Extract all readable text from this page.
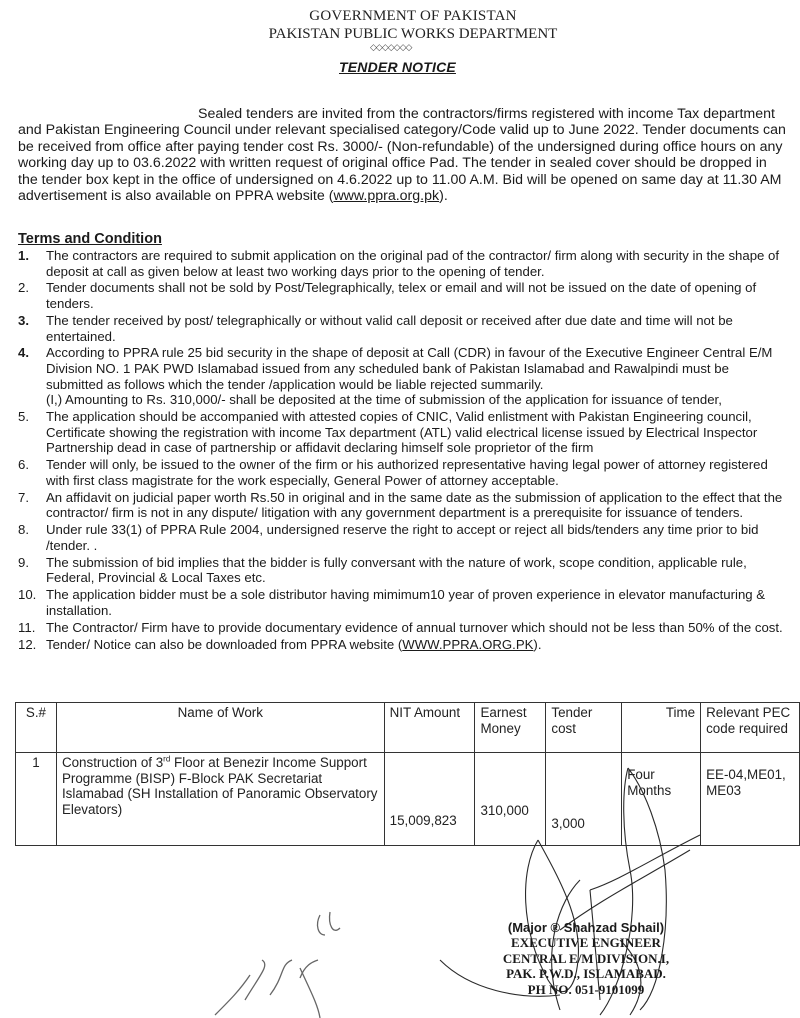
GOVERNMENT OF PAKISTAN
PAKISTAN PUBLIC WORKS DEPARTMENT
◇◇◇◇◇◇◇
TENDER NOTICE
Sealed tenders are invited from the contractors/firms registered with income Tax department and Pakistan Engineering Council under relevant specialised category/Code valid up to June 2022. Tender documents can be received from office after paying tender cost Rs. 3000/- (Non-refundable) of the undersigned during office hours on any working day up to 03.6.2022 with written request of original office Pad. The tender in sealed cover should be dropped in the tender box kept in the office of undersigned on 4.6.2022 up to 11.00 A.M. Bid will be opened on same day at 11.30 AM advertisement is also available on PPRA website (www.ppra.org.pk).
Terms and Condition
1.	The contractors are required to submit application on the original pad of the contractor/ firm along with security in the shape of deposit at call as given below at least two working days prior to the opening of tender.
2.	Tender documents shall not be sold by Post/Telegraphically, telex or email and will not be issued on the date of opening of tenders.
3.	The tender received by post/ telegraphically or without valid call deposit or received after due date and time will not be entertained.
4.	According to PPRA rule 25 bid security in the shape of deposit at Call (CDR) in favour of the Executive Engineer Central E/M Division NO. 1 PAK PWD Islamabad issued from any scheduled bank of Pakistan Islamabad and Rawalpindi must be submitted as follows which the tender /application would be liable rejected summarily.
(I,) Amounting to Rs. 310,000/- shall be deposited at the time of submission of the application for issuance of tender,
5.	The application should be accompanied with attested copies of CNIC, Valid enlistment with Pakistan Engineering council, Certificate showing the registration with income Tax department (ATL) valid electrical license issued by Electrical Inspector Partnership dead in case of partnership or affidavit declaring himself sole proprietor of the firm
6.	Tender will only, be issued to the owner of the firm or his authorized representative having legal power of attorney registered with first class magistrate for the work especially, General Power of attorney acceptable.
7.	An affidavit on judicial paper worth Rs.50 in original and in the same date as the submission of application to the effect that the contractor/ firm is not in any dispute/ litigation with any government department is a prerequisite for issuance of tenders.
8.	Under rule 33(1) of PPRA Rule 2004, undersigned reserve the right to accept or reject all bids/tenders any time prior to bid /tender. .
9.	The submission of bid implies that the bidder is fully conversant with the nature of work, scope condition, applicable rule, Federal, Provincial & Local Taxes etc.
10. The application bidder must be a sole distributor having mimimum10 year of proven experience in elevator manufacturing & installation.
11. The Contractor/ Firm have to provide documentary evidence of annual turnover which should not be less than 50% of the cost.
12. Tender/ Notice can also be downloaded from PPRA website (WWW.PPRA.ORG.PK).
S.#	Name of Work	NIT Amount	Earnest Money	Tender cost	Time	Relevant PEC code required
1	Construction of 3rd Floor at Benezir Income Support Programme (BISP) F-Block PAK Secretariat Islamabad (SH Installation of Panoramic Observatory Elevators)	15,009,823	310,000	3,000	Four Months	EE-04,ME01, ME03
(Major ® Shahzad Sohail)
EXECUTIVE ENGINEER
CENTRAL E/M DIVISION.I,
PAK. P.W.D., ISLAMABAD.
PH NO. 051-9101099
